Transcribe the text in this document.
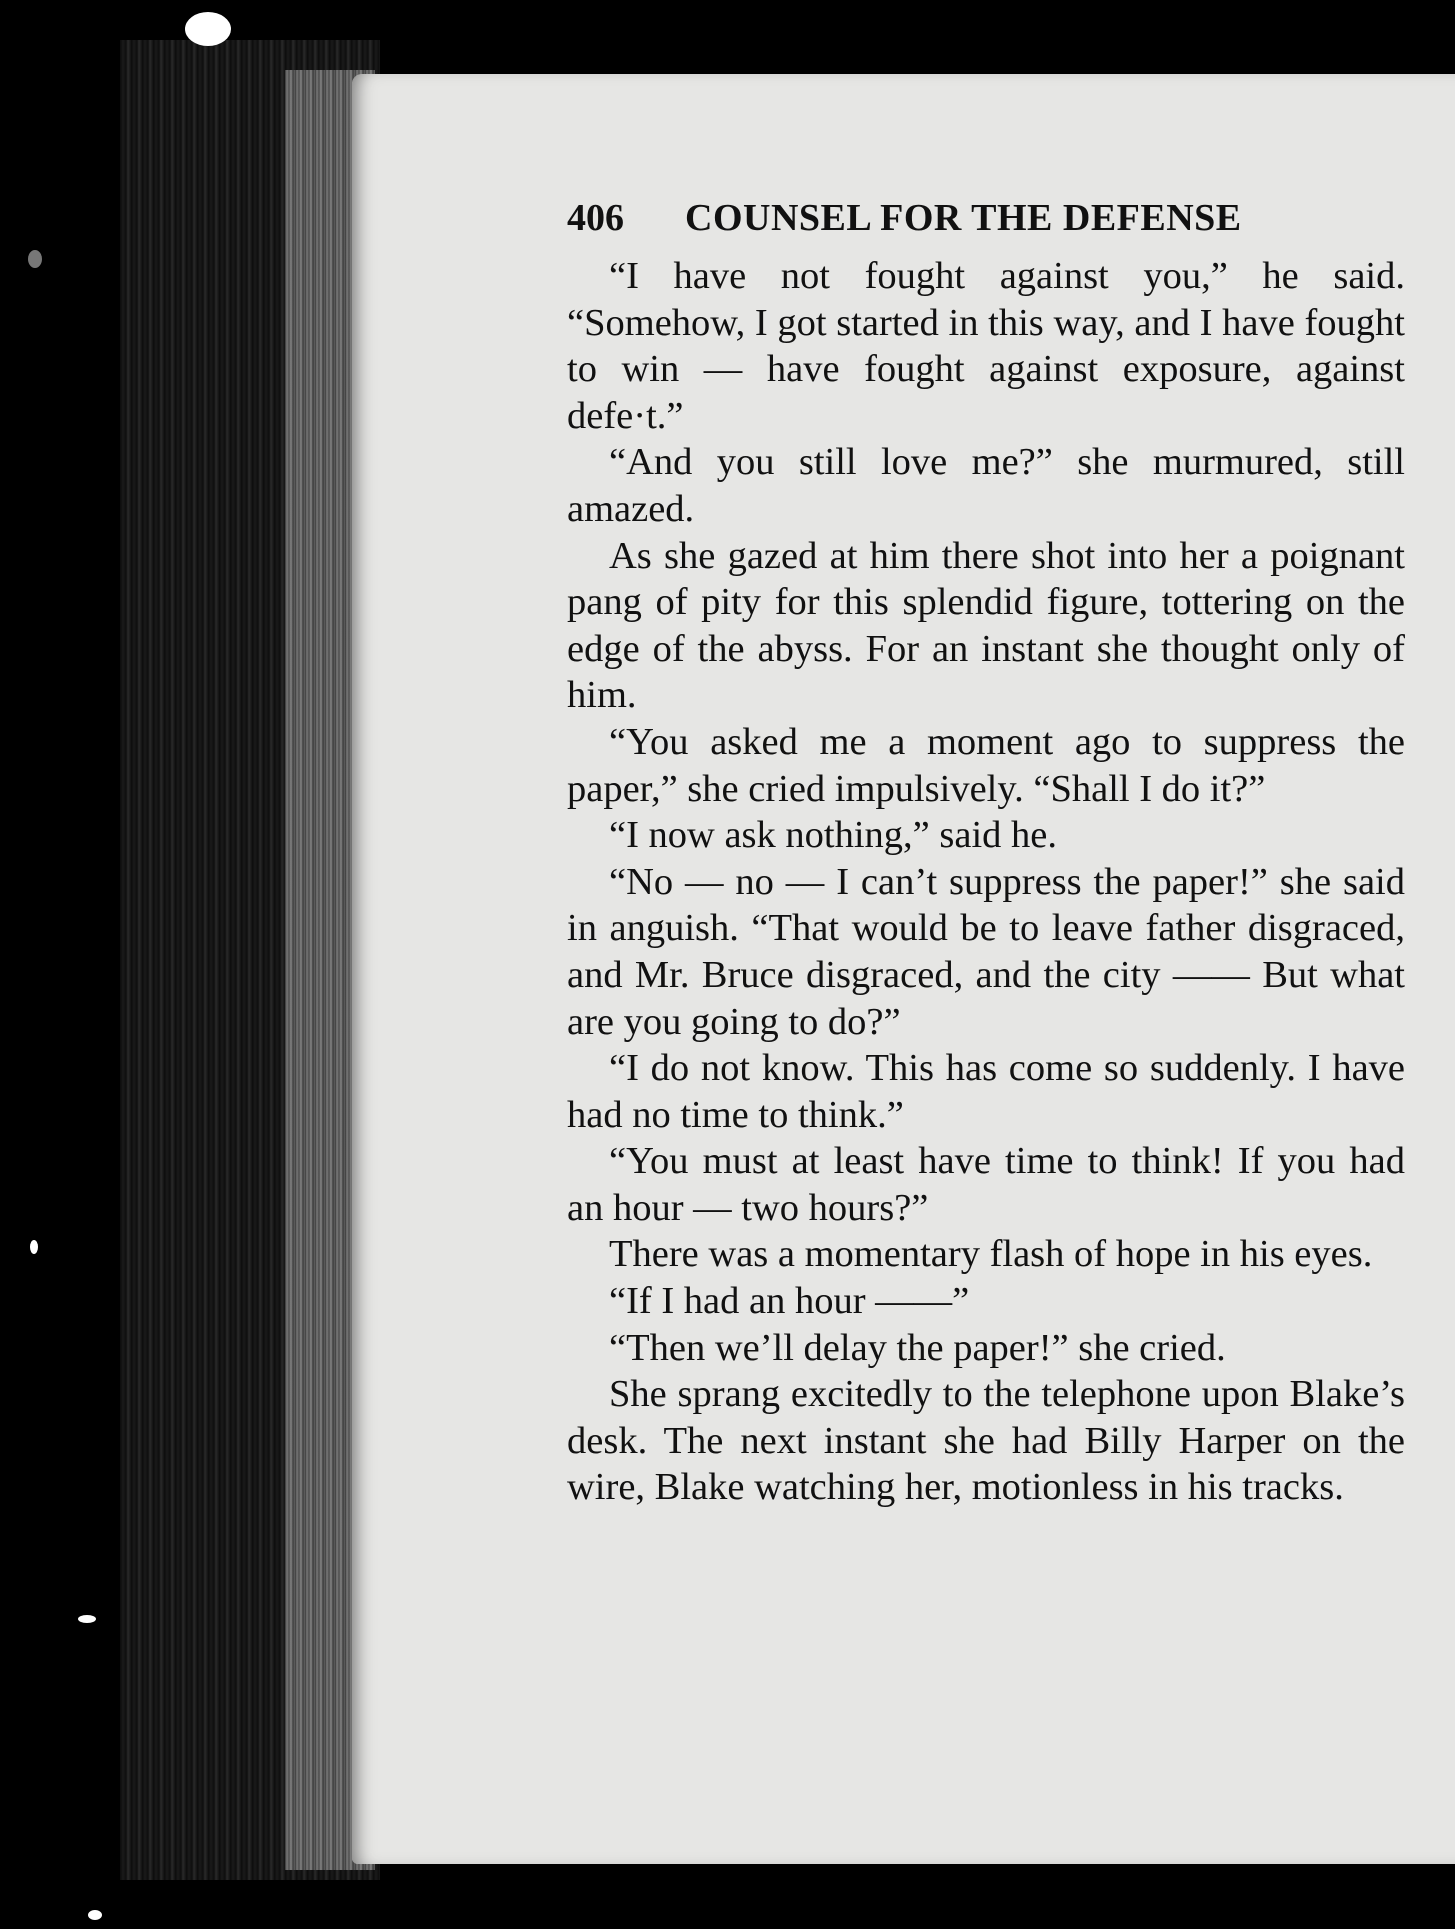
406 COUNSEL FOR THE DEFENSE

“I have not fought against you,” he said. “Somehow, I got started in this way, and I have fought to win — have fought against exposure, against defe·t.”

“And you still love me?” she murmured, still amazed.

As she gazed at him there shot into her a poignant pang of pity for this splendid figure, tottering on the edge of the abyss. For an instant she thought only of him.

“You asked me a moment ago to suppress the paper,” she cried impulsively. “Shall I do it?”

“I now ask nothing,” said he.

“No — no — I can’t suppress the paper!” she said in anguish. “That would be to leave father disgraced, and Mr. Bruce disgraced, and the city —— But what are you going to do?”

“I do not know. This has come so suddenly. I have had no time to think.”

“You must at least have time to think! If you had an hour — two hours?”

There was a momentary flash of hope in his eyes.

“If I had an hour ——”

“Then we’ll delay the paper!” she cried.

She sprang excitedly to the telephone upon Blake’s desk. The next instant she had Billy Harper on the wire, Blake watching her, motionless in his tracks.
